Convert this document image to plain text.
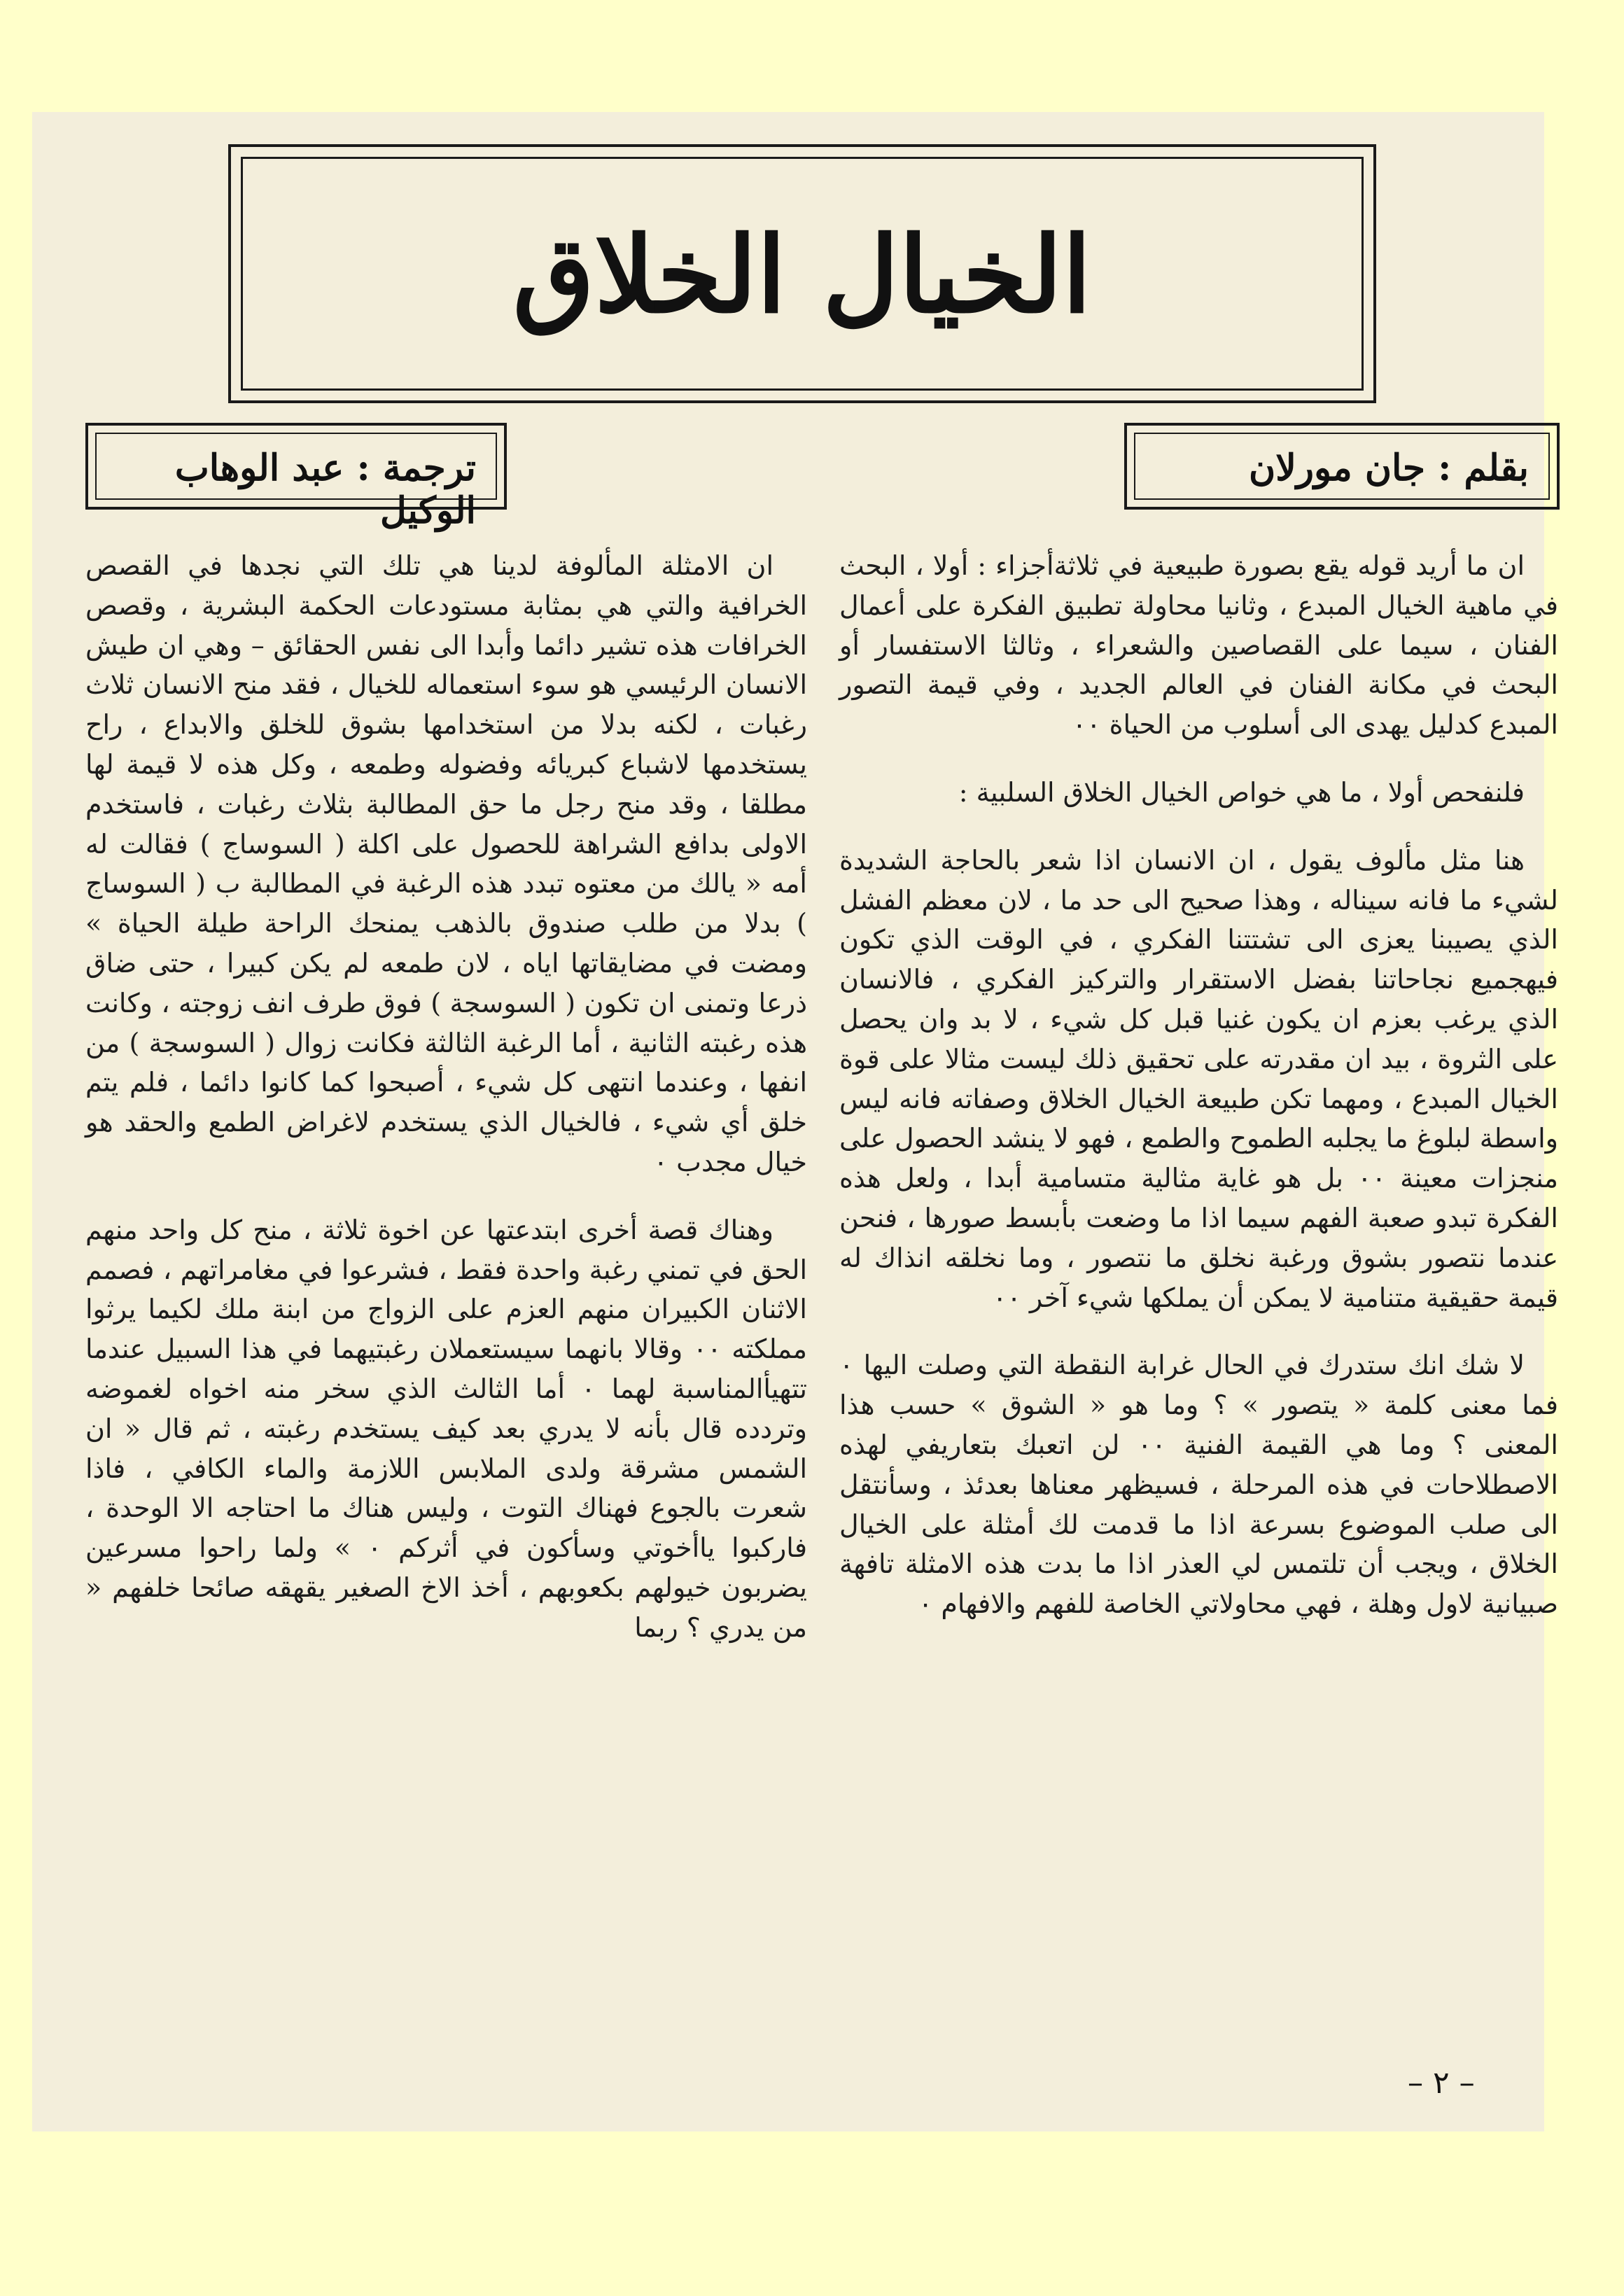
الخيال الخلاق
بقلم : جان مورلان
ترجمة : عبد الوهاب الوكيل

ان ما أريد قوله يقع بصورة طبيعية في ثلاثةأجزاء : أولا ، البحث في ماهية الخيال المبدع ، وثانيا محاولة تطبيق الفكرة على أعمال الفنان ، سيما على القصاصين والشعراء ، وثالثا الاستفسار أو البحث في مكانة الفنان في العالم الجديد ، وفي قيمة التصور المبدع كدليل يهدى الى أسلوب من الحياة ٠٠

فلنفحص أولا ، ما هي خواص الخيال الخلاق السلبية :

هنا مثل مألوف يقول ، ان الانسان اذا شعر بالحاجة الشديدة لشيء ما فانه سيناله ، وهذا صحيح الى حد ما ، لان معظم الفشل الذي يصيبنا يعزى الى تشتتنا الفكري ، في الوقت الذي تكون فيهجميع نجاحاتنا بفضل الاستقرار والتركيز الفكري ، فالانسان الذي يرغب بعزم ان يكون غنيا قبل كل شيء ، لا بد وان يحصل على الثروة ، بيد ان مقدرته على تحقيق ذلك ليست مثالا على قوة الخيال المبدع ، ومهما تكن طبيعة الخيال الخلاق وصفاته فانه ليس واسطة لبلوغ ما يجلبه الطموح والطمع ، فهو لا ينشد الحصول على منجزات معينة ٠٠ بل هو غاية مثالية متسامية أبدا ، ولعل هذه الفكرة تبدو صعبة الفهم سيما اذا ما وضعت بأبسط صورها ، فنحن عندما نتصور بشوق ورغبة نخلق ما نتصور ، وما نخلقه انذاك له قيمة حقيقية متنامية لا يمكن أن يملكها شيء آخر ٠٠

لا شك انك ستدرك في الحال غرابة النقطة التي وصلت اليها ٠ فما معنى كلمة « يتصور » ؟ وما هو « الشوق » حسب هذا المعنى ؟ وما هي القيمة الفنية ٠٠ لن اتعبك بتعاريفي لهذه الاصطلاحات في هذه المرحلة ، فسيظهر معناها بعدئذ ، وسأنتقل الى صلب الموضوع بسرعة اذا ما قدمت لك أمثلة على الخيال الخلاق ، ويجب أن تلتمس لي العذر اذا ما بدت هذه الامثلة تافهة صبيانية لاول وهلة ، فهي محاولاتي الخاصة للفهم والافهام ٠

ان الامثلة المألوفة لدينا هي تلك التي نجدها في القصص الخرافية والتي هي بمثابة مستودعات الحكمة البشرية ، وقصص الخرافات هذه تشير دائما وأبدا الى نفس الحقائق – وهي ان طيش الانسان الرئيسي هو سوء استعماله للخيال ، فقد منح الانسان ثلاث رغبات ، لكنه بدلا من استخدامها بشوق للخلق والابداع ، راح يستخدمها لاشباع كبريائه وفضوله وطمعه ، وكل هذه لا قيمة لها مطلقا ، وقد منح رجل ما حق المطالبة بثلاث رغبات ، فاستخدم الاولى بدافع الشراهة للحصول على اكلة ( السوساج ) فقالت له أمه « يالك من معتوه تبدد هذه الرغبة في المطالبة ب ( السوساج ) بدلا من طلب صندوق بالذهب يمنحك الراحة طيلة الحياة » ومضت في مضايقاتها اياه ، لان طمعه لم يكن كبيرا ، حتى ضاق ذرعا وتمنى ان تكون ( السوسجة ) فوق طرف انف زوجته ، وكانت هذه رغبته الثانية ، أما الرغبة الثالثة فكانت زوال ( السوسجة ) من انفها ، وعندما انتهى كل شيء ، أصبحوا كما كانوا دائما ، فلم يتم خلق أي شيء ، فالخيال الذي يستخدم لاغراض الطمع والحقد هو خيال مجدب ٠

وهناك قصة أخرى ابتدعتها عن اخوة ثلاثة ، منح كل واحد منهم الحق في تمني رغبة واحدة فقط ، فشرعوا في مغامراتهم ، فصمم الاثنان الكبيران منهم العزم على الزواج من ابنة ملك لكيما يرثوا مملكته ٠٠ وقالا بانهما سيستعملان رغبتيهما في هذا السبيل عندما تتهيأالمناسبة لهما ٠ أما الثالث الذي سخر منه اخواه لغموضه وتردده قال بأنه لا يدري بعد كيف يستخدم رغبته ، ثم قال « ان الشمس مشرقة ولدى الملابس اللازمة والماء الكافي ، فاذا شعرت بالجوع فهناك التوت ، وليس هناك ما احتاجه الا الوحدة ، فاركبوا ياأخوتي وسأكون في أثركم ٠ » ولما راحوا مسرعين يضربون خيولهم بكعوبهم ، أخذ الاخ الصغير يقهقه صائحا خلفهم « من يدري ؟ ربما

– ٢ –
